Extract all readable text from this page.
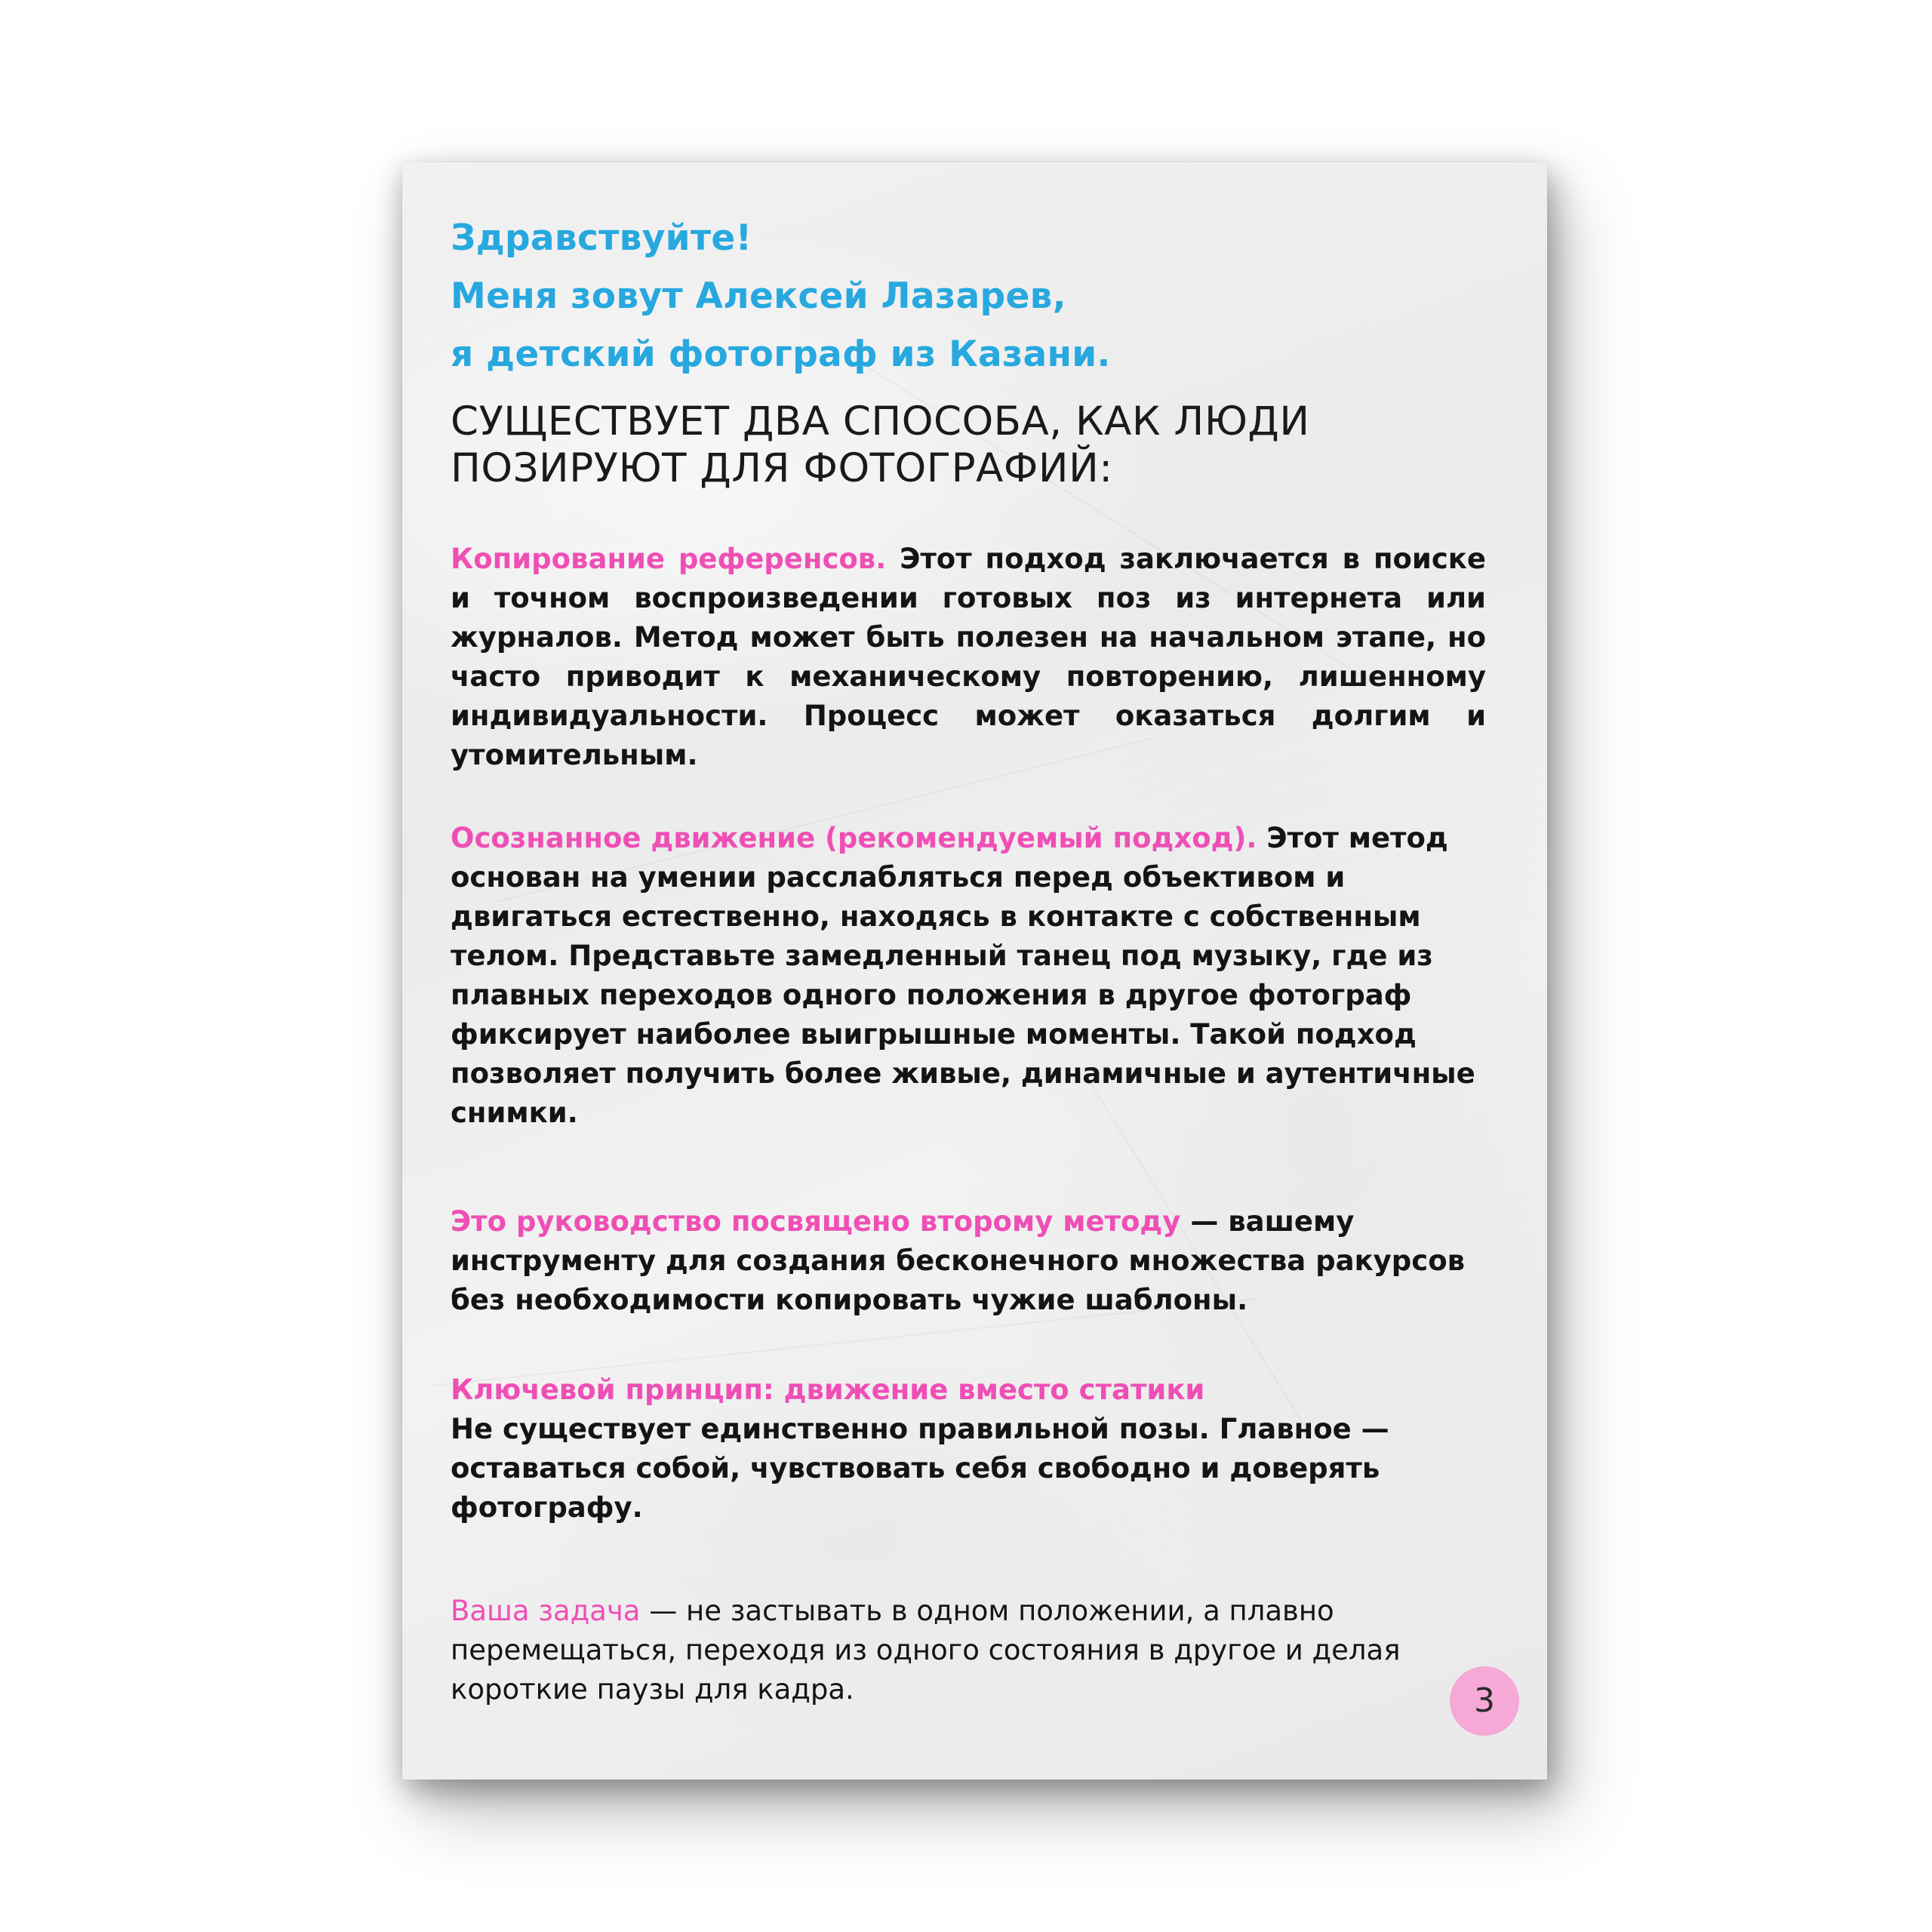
Здравствуйте!
Меня зовут Алексей Лазарев,
я детский фотограф из Казани.
СУЩЕСТВУЕТ ДВА СПОСОБА, КАК ЛЮДИ
ПОЗИРУЮТ ДЛЯ ФОТОГРАФИЙ:

Копирование референсов. Этот подход заключается в поиске и точном воспроизведении готовых поз из интернета или журналов. Метод может быть полезен на начальном этапе, но часто приводит к механическому повторению, лишенному индивидуальности. Процесс может оказаться долгим и утомительным.

Осознанное движение (рекомендуемый подход). Этот метод основан на умении расслабляться перед объективом и двигаться естественно, находясь в контакте с собственным телом. Представьте замедленный танец под музыку, где из плавных переходов одного положения в другое фотограф фиксирует наиболее выигрышные моменты. Такой подход позволяет получить более живые, динамичные и аутентичные снимки.

Это руководство посвящено второму методу — вашему инструменту для создания бесконечного множества ракурсов без необходимости копировать чужие шаблоны.

Ключевой принцип: движение вместо статики
Не существует единственно правильной позы. Главное — оставаться собой, чувствовать себя свободно и доверять фотографу.

Ваша задача — не застывать в одном положении, а плавно перемещаться, переходя из одного состояния в другое и делая короткие паузы для кадра.	3
